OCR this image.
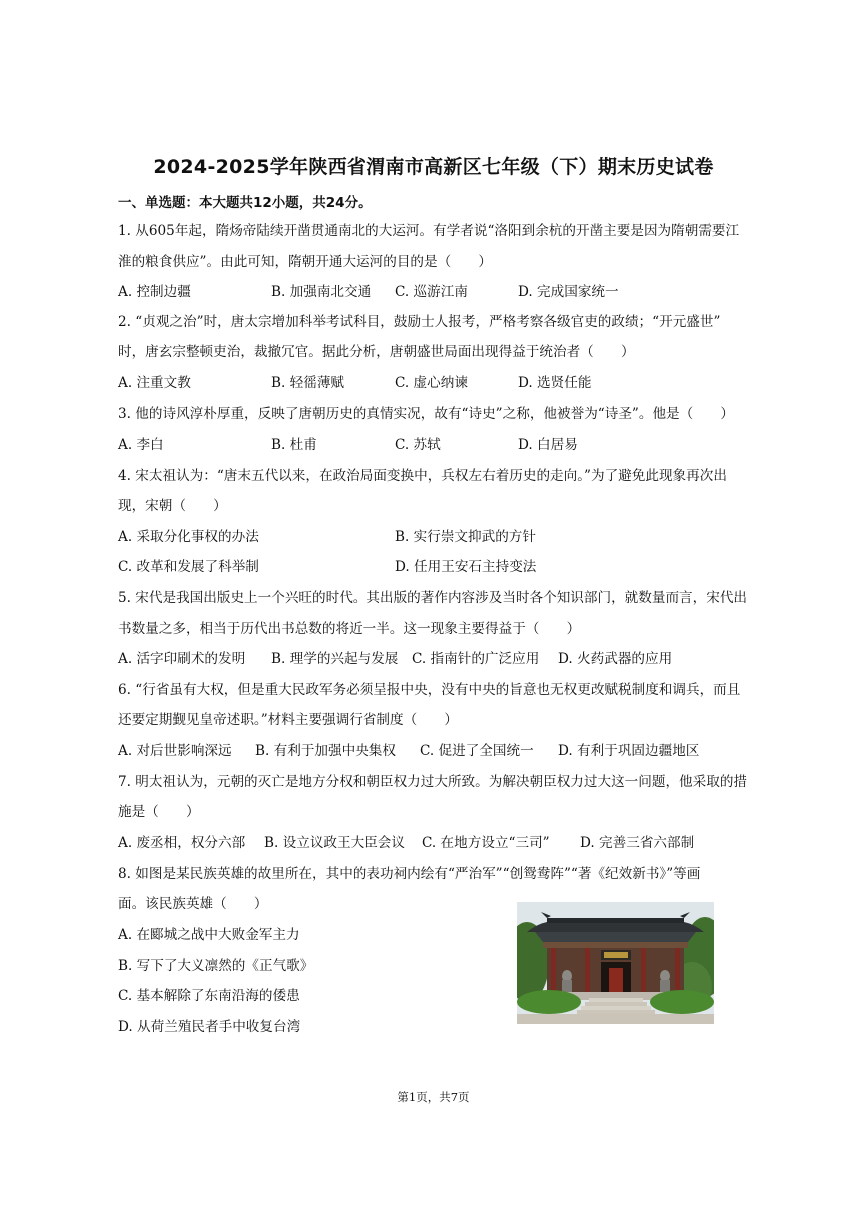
2024-2025学年陕西省渭南市高新区七年级（下）期末历史试卷
一、单选题：本大题共12小题，共24分。
1. 从605年起，隋炀帝陆续开凿贯通南北的大运河。有学者说“洛阳到余杭的开凿主要是因为隋朝需要江
淮的粮食供应”。由此可知，隋朝开通大运河的目的是（　　）
A. 控制边疆	B. 加强南北交通 C. 巡游江南	D. 完成国家统一
2. “贞观之治”时，唐太宗增加科举考试科目，鼓励士人报考，严格考察各级官吏的政绩；“开元盛世”
时，唐玄宗整顿吏治，裁撤冗官。据此分析，唐朝盛世局面出现得益于统治者（　　）
A. 注重文教	B. 轻徭薄赋	C. 虚心纳谏	D. 选贤任能
3. 他的诗风淳朴厚重，反映了唐朝历史的真情实况，故有“诗史”之称，他被誉为“诗圣”。他是（　　）
A. 李白	B. 杜甫	C. 苏轼	D. 白居易
4. 宋太祖认为：“唐末五代以来，在政治局面变换中，兵权左右着历史的走向。”为了避免此现象再次出
现，宋朝（　　）
A. 采取分化事权的办法	B. 实行崇文抑武的方针
C. 改革和发展了科举制	D. 任用王安石主持变法
5. 宋代是我国出版史上一个兴旺的时代。其出版的著作内容涉及当时各个知识部门，就数量而言，宋代出
书数量之多，相当于历代出书总数的将近一半。这一现象主要得益于（　　）
A. 活字印刷术的发明 B. 理学的兴起与发展 C. 指南针的广泛应用 D. 火药武器的应用
6. “行省虽有大权，但是重大民政军务必须呈报中央，没有中央的旨意也无权更改赋税制度和调兵，而且
还要定期觐见皇帝述职。”材料主要强调行省制度（　　）
A. 对后世影响深远 B. 有利于加强中央集权 C. 促进了全国统一 D. 有利于巩固边疆地区
7. 明太祖认为，元朝的灭亡是地方分权和朝臣权力过大所致。为解决朝臣权力过大这一问题，他采取的措
施是（　　）
A. 废丞相，权分六部 B. 设立议政王大臣会议 C. 在地方设立“三司” D. 完善三省六部制
8. 如图是某民族英雄的故里所在，其中的表功祠内绘有“严治军”“创鸳鸯阵”“著《纪效新书》”等画
面。该民族英雄（　　）
A. 在郾城之战中大败金军主力
B. 写下了大义凛然的《正气歌》
C. 基本解除了东南沿海的倭患
D. 从荷兰殖民者手中收复台湾
第1页，共7页
